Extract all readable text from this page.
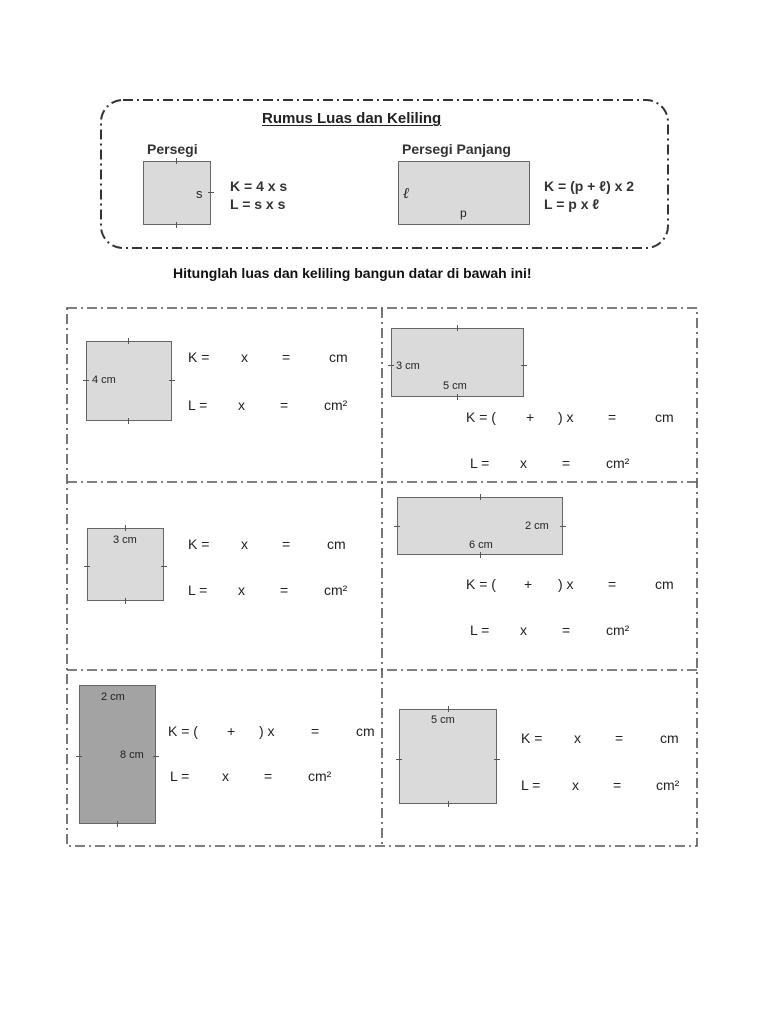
Rumus Luas dan Keliling
Persegi
s K = 4 x s
L = s x s
Persegi Panjang
ℓ
p
K = (p + ℓ) x 2
L = p x ℓ
Hitunglah luas dan keliling bangun datar di bawah ini!
4 cm
K = x =	cm
L = x	=	cm²
3 cm
5 cm
K = ( + ) x =	cm
L = x	=	cm²
3 cm	K = x =	cm
L = x	=	cm²
2 cm
6 cm
K = ( + ) x =	cm
L = x	=	cm²
2 cm
8 cm
K = ( + ) x	=	cm
L = x	=	cm²
5 cm
K = x =	cm
L = x = cm²
